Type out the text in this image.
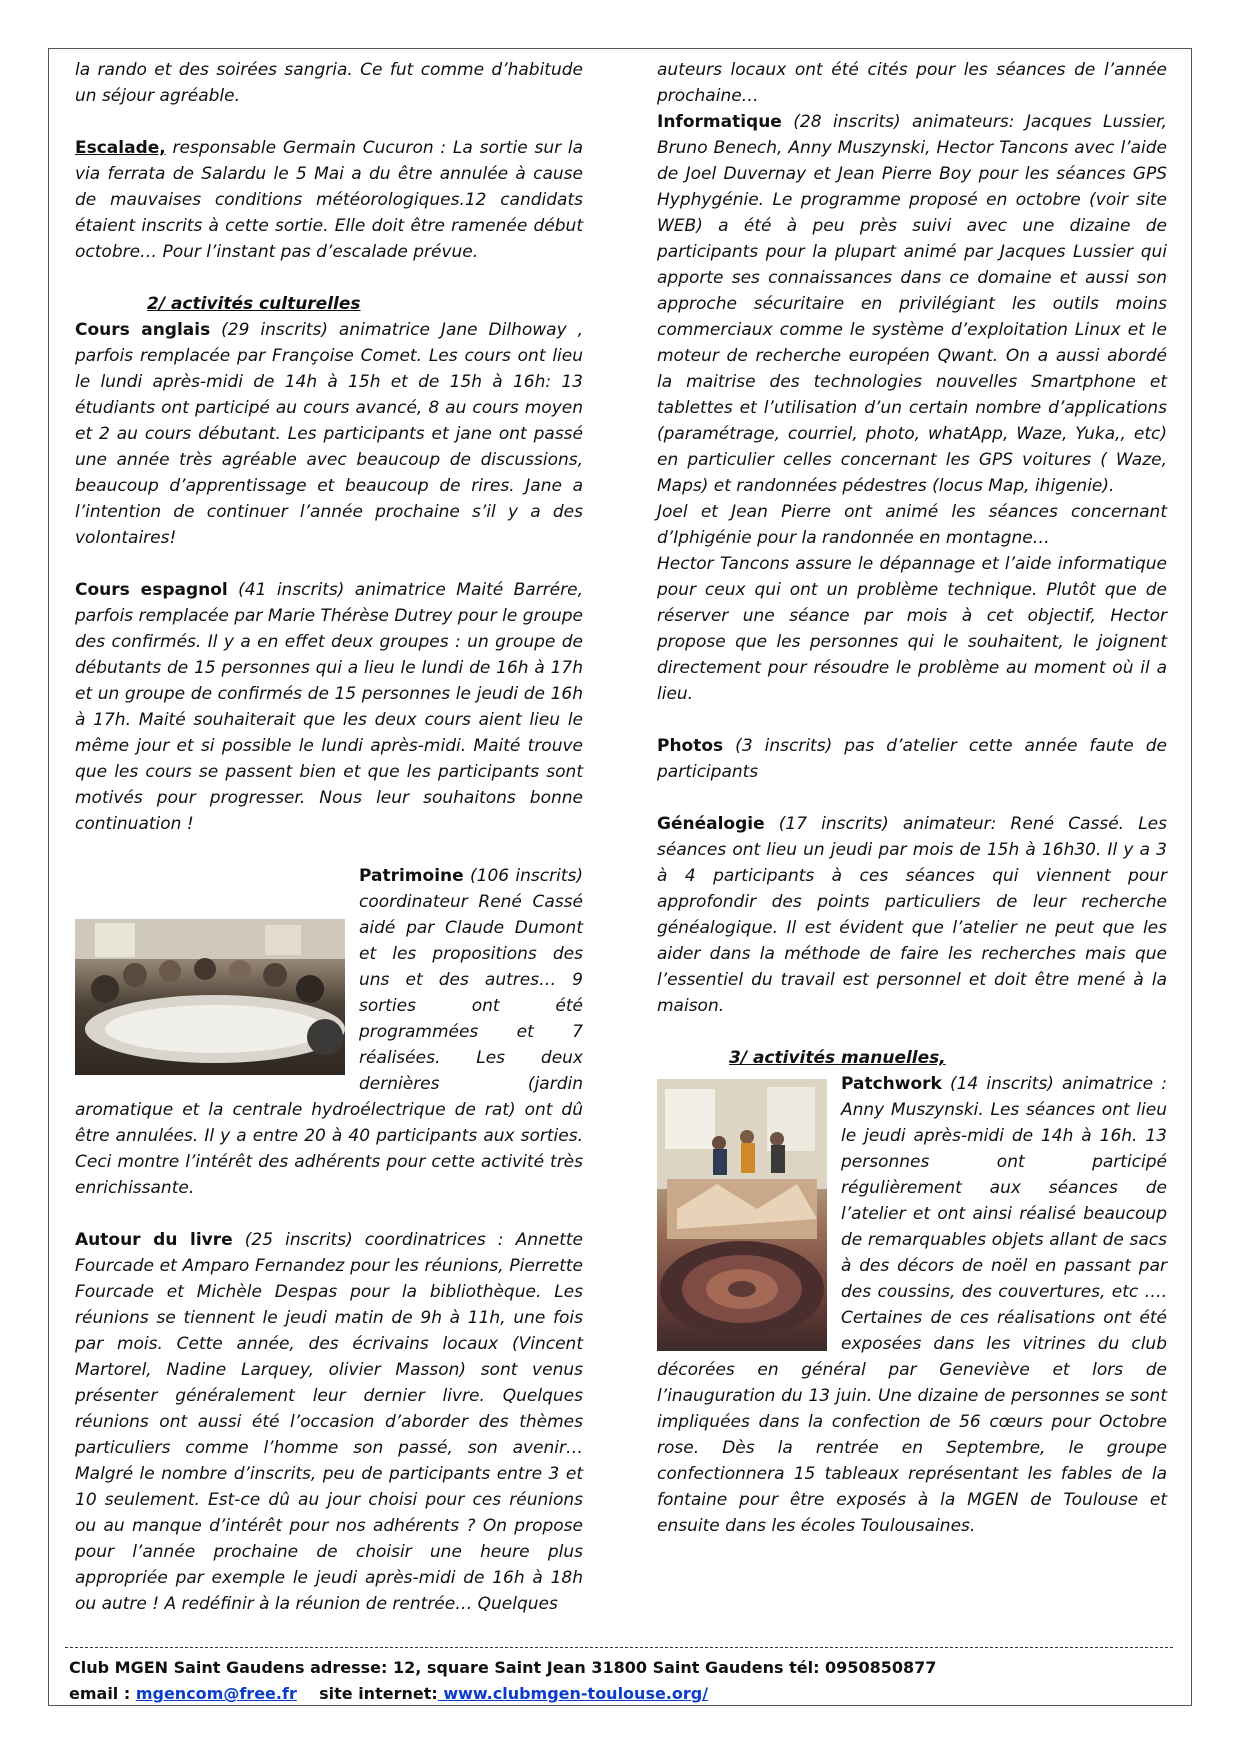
la rando et des soirées sangria. Ce fut comme d’habitude un séjour agréable.

Escalade, responsable Germain Cucuron : La sortie sur la via ferrata de Salardu le 5 Mai a du être annulée à cause de mauvaises conditions météorologiques.12 candidats étaient inscrits à cette sortie. Elle doit être ramenée début octobre… Pour l’instant pas d’escalade prévue.

2/ activités culturelles

Cours anglais (29 inscrits) animatrice Jane Dilhoway , parfois remplacée par Françoise Comet. Les cours ont lieu le lundi après-midi de 14h à 15h et de 15h à 16h: 13 étudiants ont participé au cours avancé, 8 au cours moyen et 2 au cours débutant. Les participants et jane ont passé une année très agréable avec beaucoup de discussions, beaucoup d’apprentissage et beaucoup de rires. Jane a l’intention de continuer l’année prochaine s’il y a des volontaires!

Cours espagnol (41 inscrits) animatrice Maité Barrére, parfois remplacée par Marie Thérèse Dutrey pour le groupe des confirmés. Il y a en effet deux groupes : un groupe de débutants de 15 personnes qui a lieu le lundi de 16h à 17h et un groupe de confirmés de 15 personnes le jeudi de 16h à 17h. Maité souhaiterait que les deux cours aient lieu le même jour et si possible le lundi après-midi. Maité trouve que les cours se passent bien et que les participants sont motivés pour progresser. Nous leur souhaitons bonne continuation !

Patrimoine (106 inscrits) coordinateur René Cassé aidé par Claude Dumont et les propositions des uns et des autres… 9 sorties ont été programmées et 7 réalisées. Les deux dernières (jardin aromatique et la centrale hydroélectrique de rat) ont dû être annulées. Il y a entre 20 à 40 participants aux sorties. Ceci montre l’intérêt des adhérents pour cette activité très enrichissante.

Autour du livre (25 inscrits) coordinatrices : Annette Fourcade et Amparo Fernandez pour les réunions, Pierrette Fourcade et Michèle Despas pour la bibliothèque. Les réunions se tiennent le jeudi matin de 9h à 11h, une fois par mois. Cette année, des écrivains locaux (Vincent Martorel, Nadine Larquey, olivier Masson) sont venus présenter généralement leur dernier livre. Quelques réunions ont aussi été l’occasion d’aborder des thèmes particuliers comme l’homme son passé, son avenir… Malgré le nombre d’inscrits, peu de participants entre 3 et 10 seulement. Est-ce dû au jour choisi pour ces réunions ou au manque d’intérêt pour nos adhérents ? On propose pour l’année prochaine de choisir une heure plus appropriée par exemple le jeudi après-midi de 16h à 18h ou autre ! A redéfinir à la réunion de rentrée… Quelques

auteurs locaux ont été cités pour les séances de l’année prochaine…

Informatique (28 inscrits) animateurs: Jacques Lussier, Bruno Benech, Anny Muszynski, Hector Tancons avec l’aide de Joel Duvernay et Jean Pierre Boy pour les séances GPS Hyphygénie. Le programme proposé en octobre (voir site WEB) a été à peu près suivi avec une dizaine de participants pour la plupart animé par Jacques Lussier qui apporte ses connaissances dans ce domaine et aussi son approche sécuritaire en privilégiant les outils moins commerciaux comme le système d’exploitation Linux et le moteur de recherche européen Qwant. On a aussi abordé la maitrise des technologies nouvelles Smartphone et tablettes et l’utilisation d’un certain nombre d’applications (paramétrage, courriel, photo, whatApp, Waze, Yuka,, etc) en particulier celles concernant les GPS voitures ( Waze, Maps) et randonnées pédestres (locus Map, ihigenie).

Joel et Jean Pierre ont animé les séances concernant d’Iphigénie pour la randonnée en montagne…

Hector Tancons assure le dépannage et l’aide informatique pour ceux qui ont un problème technique. Plutôt que de réserver une séance par mois à cet objectif, Hector propose que les personnes qui le souhaitent, le joignent directement pour résoudre le problème au moment où il a lieu.

Photos (3 inscrits) pas d’atelier cette année faute de participants

Généalogie (17 inscrits) animateur: René Cassé. Les séances ont lieu un jeudi par mois de 15h à 16h30. Il y a 3 à 4 participants à ces séances qui viennent pour approfondir des points particuliers de leur recherche généalogique. Il est évident que l’atelier ne peut que les aider dans la méthode de faire les recherches mais que l’essentiel du travail est personnel et doit être mené à la maison.

3/ activités manuelles,

Patchwork
(14 inscrits) animatrice : Anny Muszynski. Les séances ont lieu le jeudi après-midi de 14h à 16h. 13 personnes ont participé régulièrement aux séances de l’atelier et ont ainsi réalisé beaucoup de remarquables objets allant de sacs à des décors de noël en passant par des coussins, des couvertures, etc …. Certaines de ces réalisations ont été exposées dans les vitrines du club décorées en général par Geneviève et lors de l’inauguration du 13 juin. Une dizaine de personnes se sont impliquées dans la confection de 56 cœurs pour Octobre rose. Dès la rentrée en Septembre, le groupe confectionnera 15 tableaux représentant les fables de la fontaine pour être exposés à la MGEN de Toulouse et ensuite dans les écoles Toulousaines.

Club MGEN Saint Gaudens adresse: 12, square Saint Jean 31800 Saint Gaudens tél: 0950850877
email : mgencom@free.fr    site internet: www.clubmgen-toulouse.org/
